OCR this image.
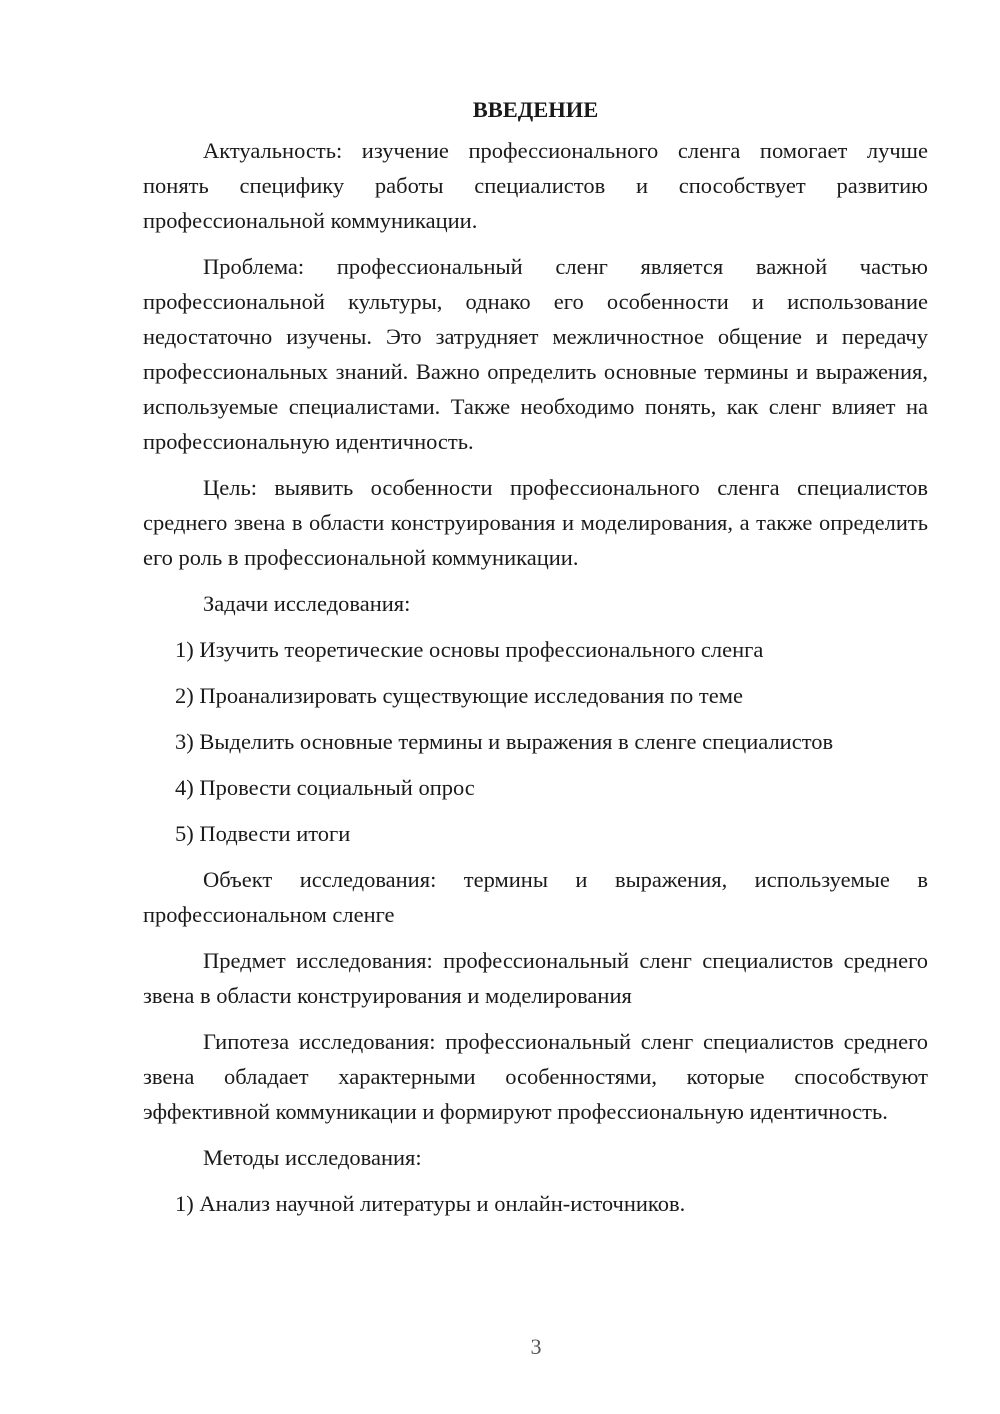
ВВЕДЕНИЕ

Актуальность: изучение профессионального сленга помогает лучше понять специфику работы специалистов и способствует развитию профессиональной коммуникации.

Проблема: профессиональный сленг является важной частью профессиональной культуры, однако его особенности и использование недостаточно изучены. Это затрудняет межличностное общение и передачу профессиональных знаний. Важно определить основные термины и выражения, используемые специалистами. Также необходимо понять, как сленг влияет на профессиональную идентичность.

Цель: выявить особенности профессионального сленга специалистов среднего звена в области конструирования и моделирования, а также определить его роль в профессиональной коммуникации.

Задачи исследования:

1) Изучить теоретические основы профессионального сленга
2) Проанализировать существующие исследования по теме
3) Выделить основные термины и выражения в сленге специалистов
4) Провести социальный опрос
5) Подвести итоги

Объект исследования: термины и выражения, используемые в профессиональном сленге

Предмет исследования: профессиональный сленг специалистов среднего звена в области конструирования и моделирования

Гипотеза исследования: профессиональный сленг специалистов среднего звена обладает характерными особенностями, которые способствуют эффективной коммуникации и формируют профессиональную идентичность.

Методы исследования:

1) Анализ научной литературы и онлайн-источников.
3
